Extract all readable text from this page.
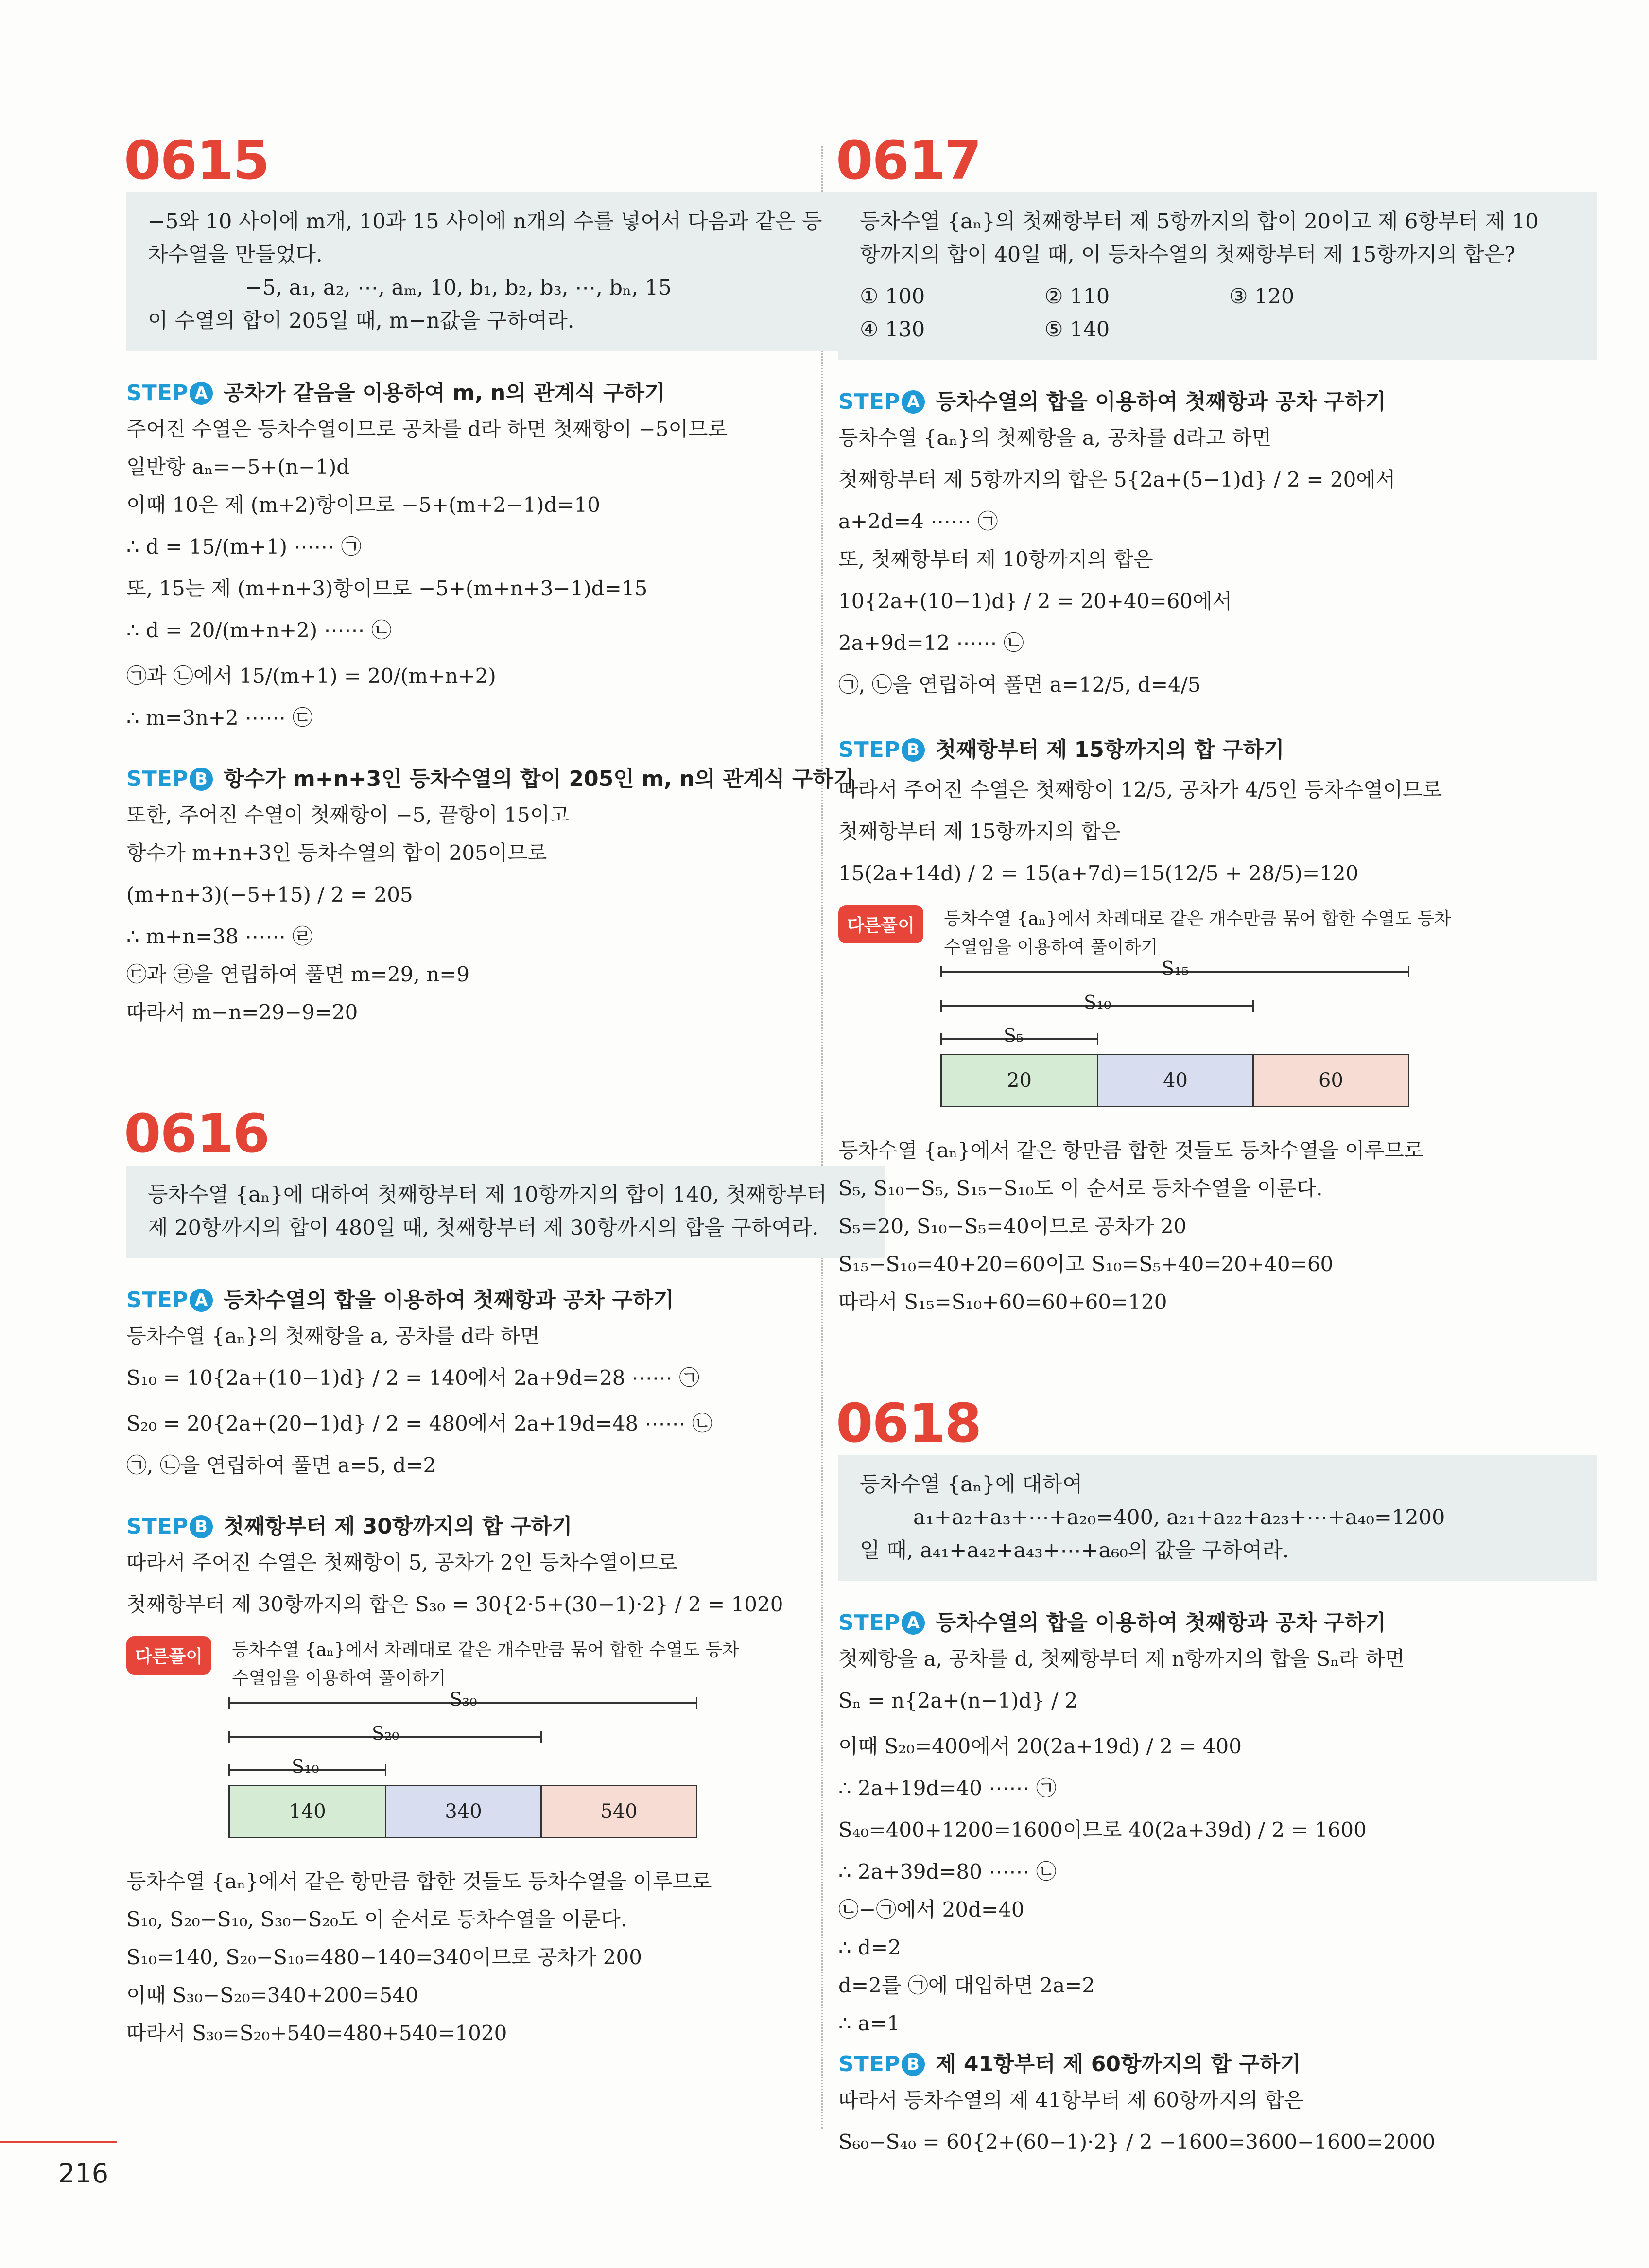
0615
−5와 10 사이에 m개, 10과 15 사이에 n개의 수를 넣어서 다음과 같은 등
차수열을 만들었다.
−5, a₁, a₂, ⋯, aₘ, 10, b₁, b₂, b₃, ⋯, bₙ, 15
이 수열의 합이 205일 때, m−n값을 구하여라.
STEP A 공차가 같음을 이용하여 m, n의 관계식 구하기
주어진 수열은 등차수열이므로 공차를 d라 하면 첫째항이 −5이므로
일반항 aₙ=−5+(n−1)d
이때 10은 제 (m+2)항이므로 −5+(m+2−1)d=10
∴ d = 15/(m+1) ⋯⋯ ㉠
또, 15는 제 (m+n+3)항이므로 −5+(m+n+3−1)d=15
∴ d = 20/(m+n+2) ⋯⋯ ㉡
㉠과 ㉡에서 15/(m+1) = 20/(m+n+2)
∴ m=3n+2 ⋯⋯ ㉢
STEP B 항수가 m+n+3인 등차수열의 합이 205인 m, n의 관계식 구하기
또한, 주어진 수열이 첫째항이 −5, 끝항이 15이고
항수가 m+n+3인 등차수열의 합이 205이므로
(m+n+3)(−5+15) / 2 = 205
∴ m+n=38 ⋯⋯ ㉣
㉢과 ㉣을 연립하여 풀면 m=29, n=9
따라서 m−n=29−9=20
0616
등차수열 {aₙ}에 대하여 첫째항부터 제 10항까지의 합이 140, 첫째항부터
제 20항까지의 합이 480일 때, 첫째항부터 제 30항까지의 합을 구하여라.
STEP A 등차수열의 합을 이용하여 첫째항과 공차 구하기
등차수열 {aₙ}의 첫째항을 a, 공차를 d라 하면
S₁₀ = 10{2a+(10−1)d} / 2 = 140에서 2a+9d=28 ⋯⋯ ㉠
S₂₀ = 20{2a+(20−1)d} / 2 = 480에서 2a+19d=48 ⋯⋯ ㉡
㉠, ㉡을 연립하여 풀면 a=5, d=2
STEP B 첫째항부터 제 30항까지의 합 구하기
따라서 주어진 수열은 첫째항이 5, 공차가 2인 등차수열이므로
첫째항부터 제 30항까지의 합은 S₃₀ = 30{2·5+(30−1)·2} / 2 = 1020
다른풀이	등차수열 {aₙ}에서 차례대로 같은 개수만큼 묶어 합한 수열도 등차
수열임을 이용하여 풀이하기
S₃₀
S₂₀
S₁₀
140	340	540
등차수열 {aₙ}에서 같은 항만큼 합한 것들도 등차수열을 이루므로
S₁₀, S₂₀−S₁₀, S₃₀−S₂₀도 이 순서로 등차수열을 이룬다.
S₁₀=140, S₂₀−S₁₀=480−140=340이므로 공차가 200
이때 S₃₀−S₂₀=340+200=540
따라서 S₃₀=S₂₀+540=480+540=1020
0617
등차수열 {aₙ}의 첫째항부터 제 5항까지의 합이 20이고 제 6항부터 제 10
항까지의 합이 40일 때, 이 등차수열의 첫째항부터 제 15항까지의 합은?
① 100	② 110	③ 120
④ 130	⑤ 140
STEP A 등차수열의 합을 이용하여 첫째항과 공차 구하기
등차수열 {aₙ}의 첫째항을 a, 공차를 d라고 하면
첫째항부터 제 5항까지의 합은 5{2a+(5−1)d} / 2 = 20에서
a+2d=4 ⋯⋯ ㉠
또, 첫째항부터 제 10항까지의 합은
10{2a+(10−1)d} / 2 = 20+40=60에서
2a+9d=12 ⋯⋯ ㉡
㉠, ㉡을 연립하여 풀면 a=12/5, d=4/5
STEP B 첫째항부터 제 15항까지의 합 구하기
따라서 주어진 수열은 첫째항이 12/5, 공차가 4/5인 등차수열이므로
첫째항부터 제 15항까지의 합은
15(2a+14d) / 2 = 15(a+7d)=15(12/5 + 28/5)=120
다른풀이	등차수열 {aₙ}에서 차례대로 같은 개수만큼 묶어 합한 수열도 등차
수열임을 이용하여 풀이하기
S₁₅
S₁₀
S₅
20	40	60
등차수열 {aₙ}에서 같은 항만큼 합한 것들도 등차수열을 이루므로
S₅, S₁₀−S₅, S₁₅−S₁₀도 이 순서로 등차수열을 이룬다.
S₅=20, S₁₀−S₅=40이므로 공차가 20
S₁₅−S₁₀=40+20=60이고 S₁₀=S₅+40=20+40=60
따라서 S₁₅=S₁₀+60=60+60=120
0618
등차수열 {aₙ}에 대하여
a₁+a₂+a₃+⋯+a₂₀=400, a₂₁+a₂₂+a₂₃+⋯+a₄₀=1200
일 때, a₄₁+a₄₂+a₄₃+⋯+a₆₀의 값을 구하여라.
STEP A 등차수열의 합을 이용하여 첫째항과 공차 구하기
첫째항을 a, 공차를 d, 첫째항부터 제 n항까지의 합을 Sₙ라 하면
Sₙ = n{2a+(n−1)d} / 2
이때 S₂₀=400에서 20(2a+19d) / 2 = 400
∴ 2a+19d=40 ⋯⋯ ㉠
S₄₀=400+1200=1600이므로 40(2a+39d) / 2 = 1600
∴ 2a+39d=80 ⋯⋯ ㉡
㉡−㉠에서 20d=40
∴ d=2
d=2를 ㉠에 대입하면 2a=2
∴ a=1
STEP B 제 41항부터 제 60항까지의 합 구하기
따라서 등차수열의 제 41항부터 제 60항까지의 합은
S₆₀−S₄₀ = 60{2+(60−1)·2} / 2 −1600=3600−1600=2000
216
